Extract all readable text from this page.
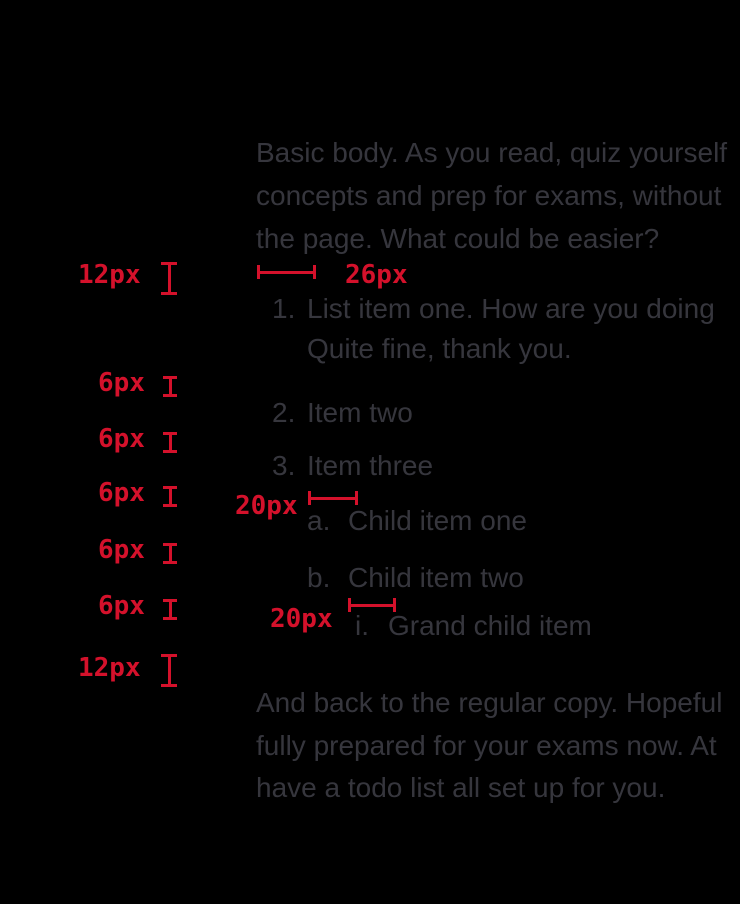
Basic body. As you read, quiz yourself
concepts and prep for exams, without
the page. What could be easier?
12px	26px
1. List item one. How are you doing
Quite fine, thank you.
6px
2. Item two
6px
3. Item three
6px	20px a. Child item one
6px
b. Child item two
6px	20px i. Grand child item
12px
And back to the regular copy. Hopeful
fully prepared for your exams now. At
have a todo list all set up for you.
